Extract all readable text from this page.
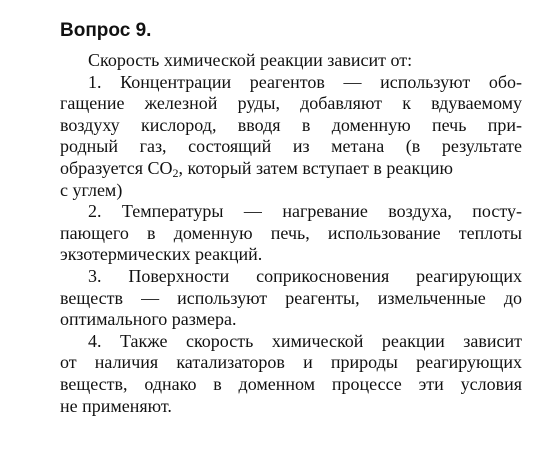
Вопрос 9.
Скорость химической реакции зависит от:
1. Концентрации реагентов — используют обо-
гащение железной руды, добавляют к вдуваемому
воздуху кислород, вводя в доменную печь при-
родный газ, состоящий из метана (в результате
образуется $CO_2$, который затем вступает в реакцию
с углем)
2. Температуры — нагревание воздуха, посту-
пающего в доменную печь, использование теплоты
экзотермических реакций.
3. Поверхности соприкосновения реагирующих
веществ — используют реагенты, измельченные до
оптимального размера.
4. Также скорость химической реакции зависит
от наличия катализаторов и природы реагирующих
веществ, однако в доменном процессе эти условия
не применяют.
